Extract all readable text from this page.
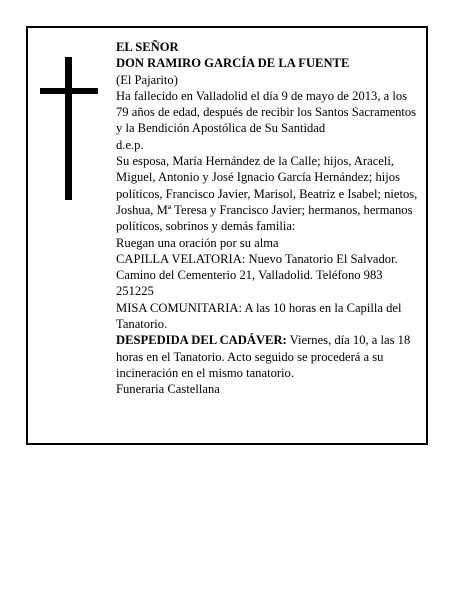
EL SEÑOR

DON RAMIRO GARCÍA DE LA FUENTE

(El Pajarito)

Ha fallecido en Valladolid el día 9 de mayo de 2013, a los 79 años de edad, después de recibir los Santos Sacramentos y la Bendición Apostólica de Su Santidad

d.e.p.

Su esposa, María Hernández de la Calle; hijos, Araceli, Miguel, Antonio y José Ignacio García Hernández; hijos políticos, Francisco Javier, Marisol, Beatriz e Isabel; nietos, Joshua, Mª Teresa y Francisco Javier; hermanos, hermanos políticos, sobrinos y demás familia:

Ruegan una oración por su alma

CAPILLA VELATORIA: Nuevo Tanatorio El Salvador. Camino del Cementerio 21, Valladolid. Teléfono 983 251225

MISA COMUNITARIA: A las 10 horas en la Capilla del Tanatorio.

DESPEDIDA DEL CADÁVER: Viernes, día 10, a las 18 horas en el Tanatorio. Acto seguido se procederá a su incineración en el mismo tanatorio.

Funeraria Castellana
